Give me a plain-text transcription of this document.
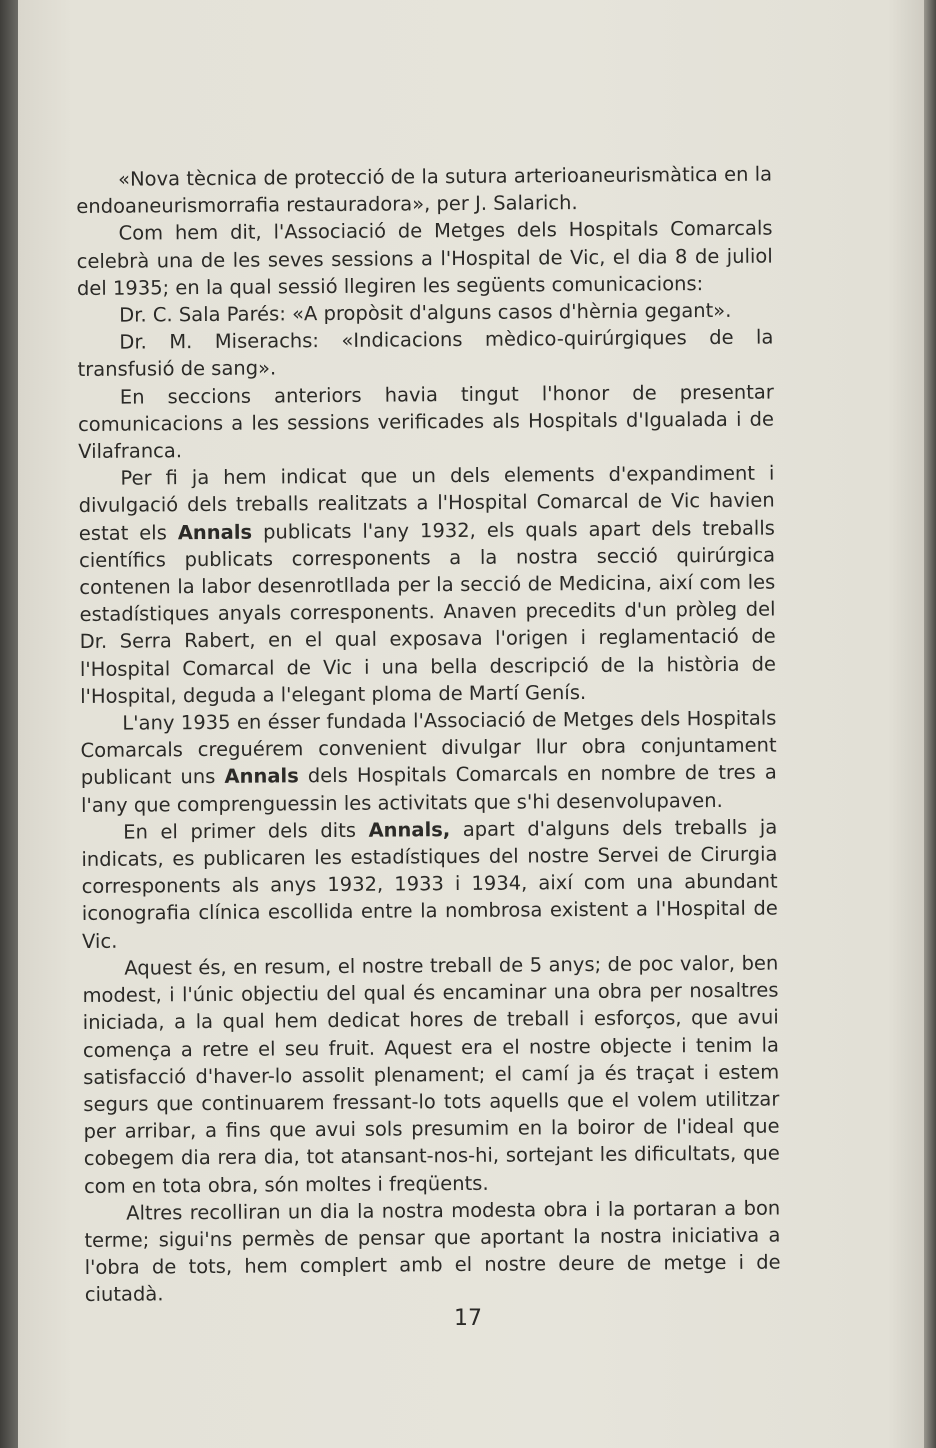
«Nova tècnica de protecció de la sutura arterioaneurismàtica en la endoaneurismorrafia restauradora», per J. Salarich.

Com hem dit, l'Associació de Metges dels Hospitals Comarcals celebrà una de les seves sessions a l'Hospital de Vic, el dia 8 de juliol del 1935; en la qual sessió llegiren les següents comunicacions:

Dr. C. Sala Parés: «A propòsit d'alguns casos d'hèrnia gegant».

Dr. M. Miserachs: «Indicacions mèdico-quirúrgiques de la transfusió de sang».

En seccions anteriors havia tingut l'honor de presentar comunicacions a les sessions verificades als Hospitals d'Igualada i de Vilafranca.

Per fi ja hem indicat que un dels elements d'expandiment i divulgació dels treballs realitzats a l'Hospital Comarcal de Vic havien estat els Annals publicats l'any 1932, els quals apart dels treballs científics publicats corresponents a la nostra secció quirúrgica contenen la labor desenrotllada per la secció de Medicina, així com les estadístiques anyals corresponents. Anaven precedits d'un pròleg del Dr. Serra Rabert, en el qual exposava l'origen i reglamentació de l'Hospital Comarcal de Vic i una bella descripció de la història de l'Hospital, deguda a l'elegant ploma de Martí Genís.

L'any 1935 en ésser fundada l'Associació de Metges dels Hospitals Comarcals creguérem convenient divulgar llur obra conjuntament publicant uns Annals dels Hospitals Comarcals en nombre de tres a l'any que comprenguessin les activitats que s'hi desenvolupaven.

En el primer dels dits Annals, apart d'alguns dels treballs ja indicats, es publicaren les estadístiques del nostre Servei de Cirurgia corresponents als anys 1932, 1933 i 1934, així com una abundant iconografia clínica escollida entre la nombrosa existent a l'Hospital de Vic.

Aquest és, en resum, el nostre treball de 5 anys; de poc valor, ben modest, i l'únic objectiu del qual és encaminar una obra per nosaltres iniciada, a la qual hem dedicat hores de treball i esforços, que avui comença a retre el seu fruit. Aquest era el nostre objecte i tenim la satisfacció d'haver-lo assolit plenament; el camí ja és traçat i estem segurs que continuarem fressant-lo tots aquells que el volem utilitzar per arribar, a fins que avui sols presumim en la boiror de l'ideal que cobegem dia rera dia, tot atansant-nos-hi, sortejant les dificultats, que com en tota obra, són moltes i freqüents.

Altres recolliran un dia la nostra modesta obra i la portaran a bon terme; sigui'ns permès de pensar que aportant la nostra iniciativa a l'obra de tots, hem complert amb el nostre deure de metge i de ciutadà.

17
